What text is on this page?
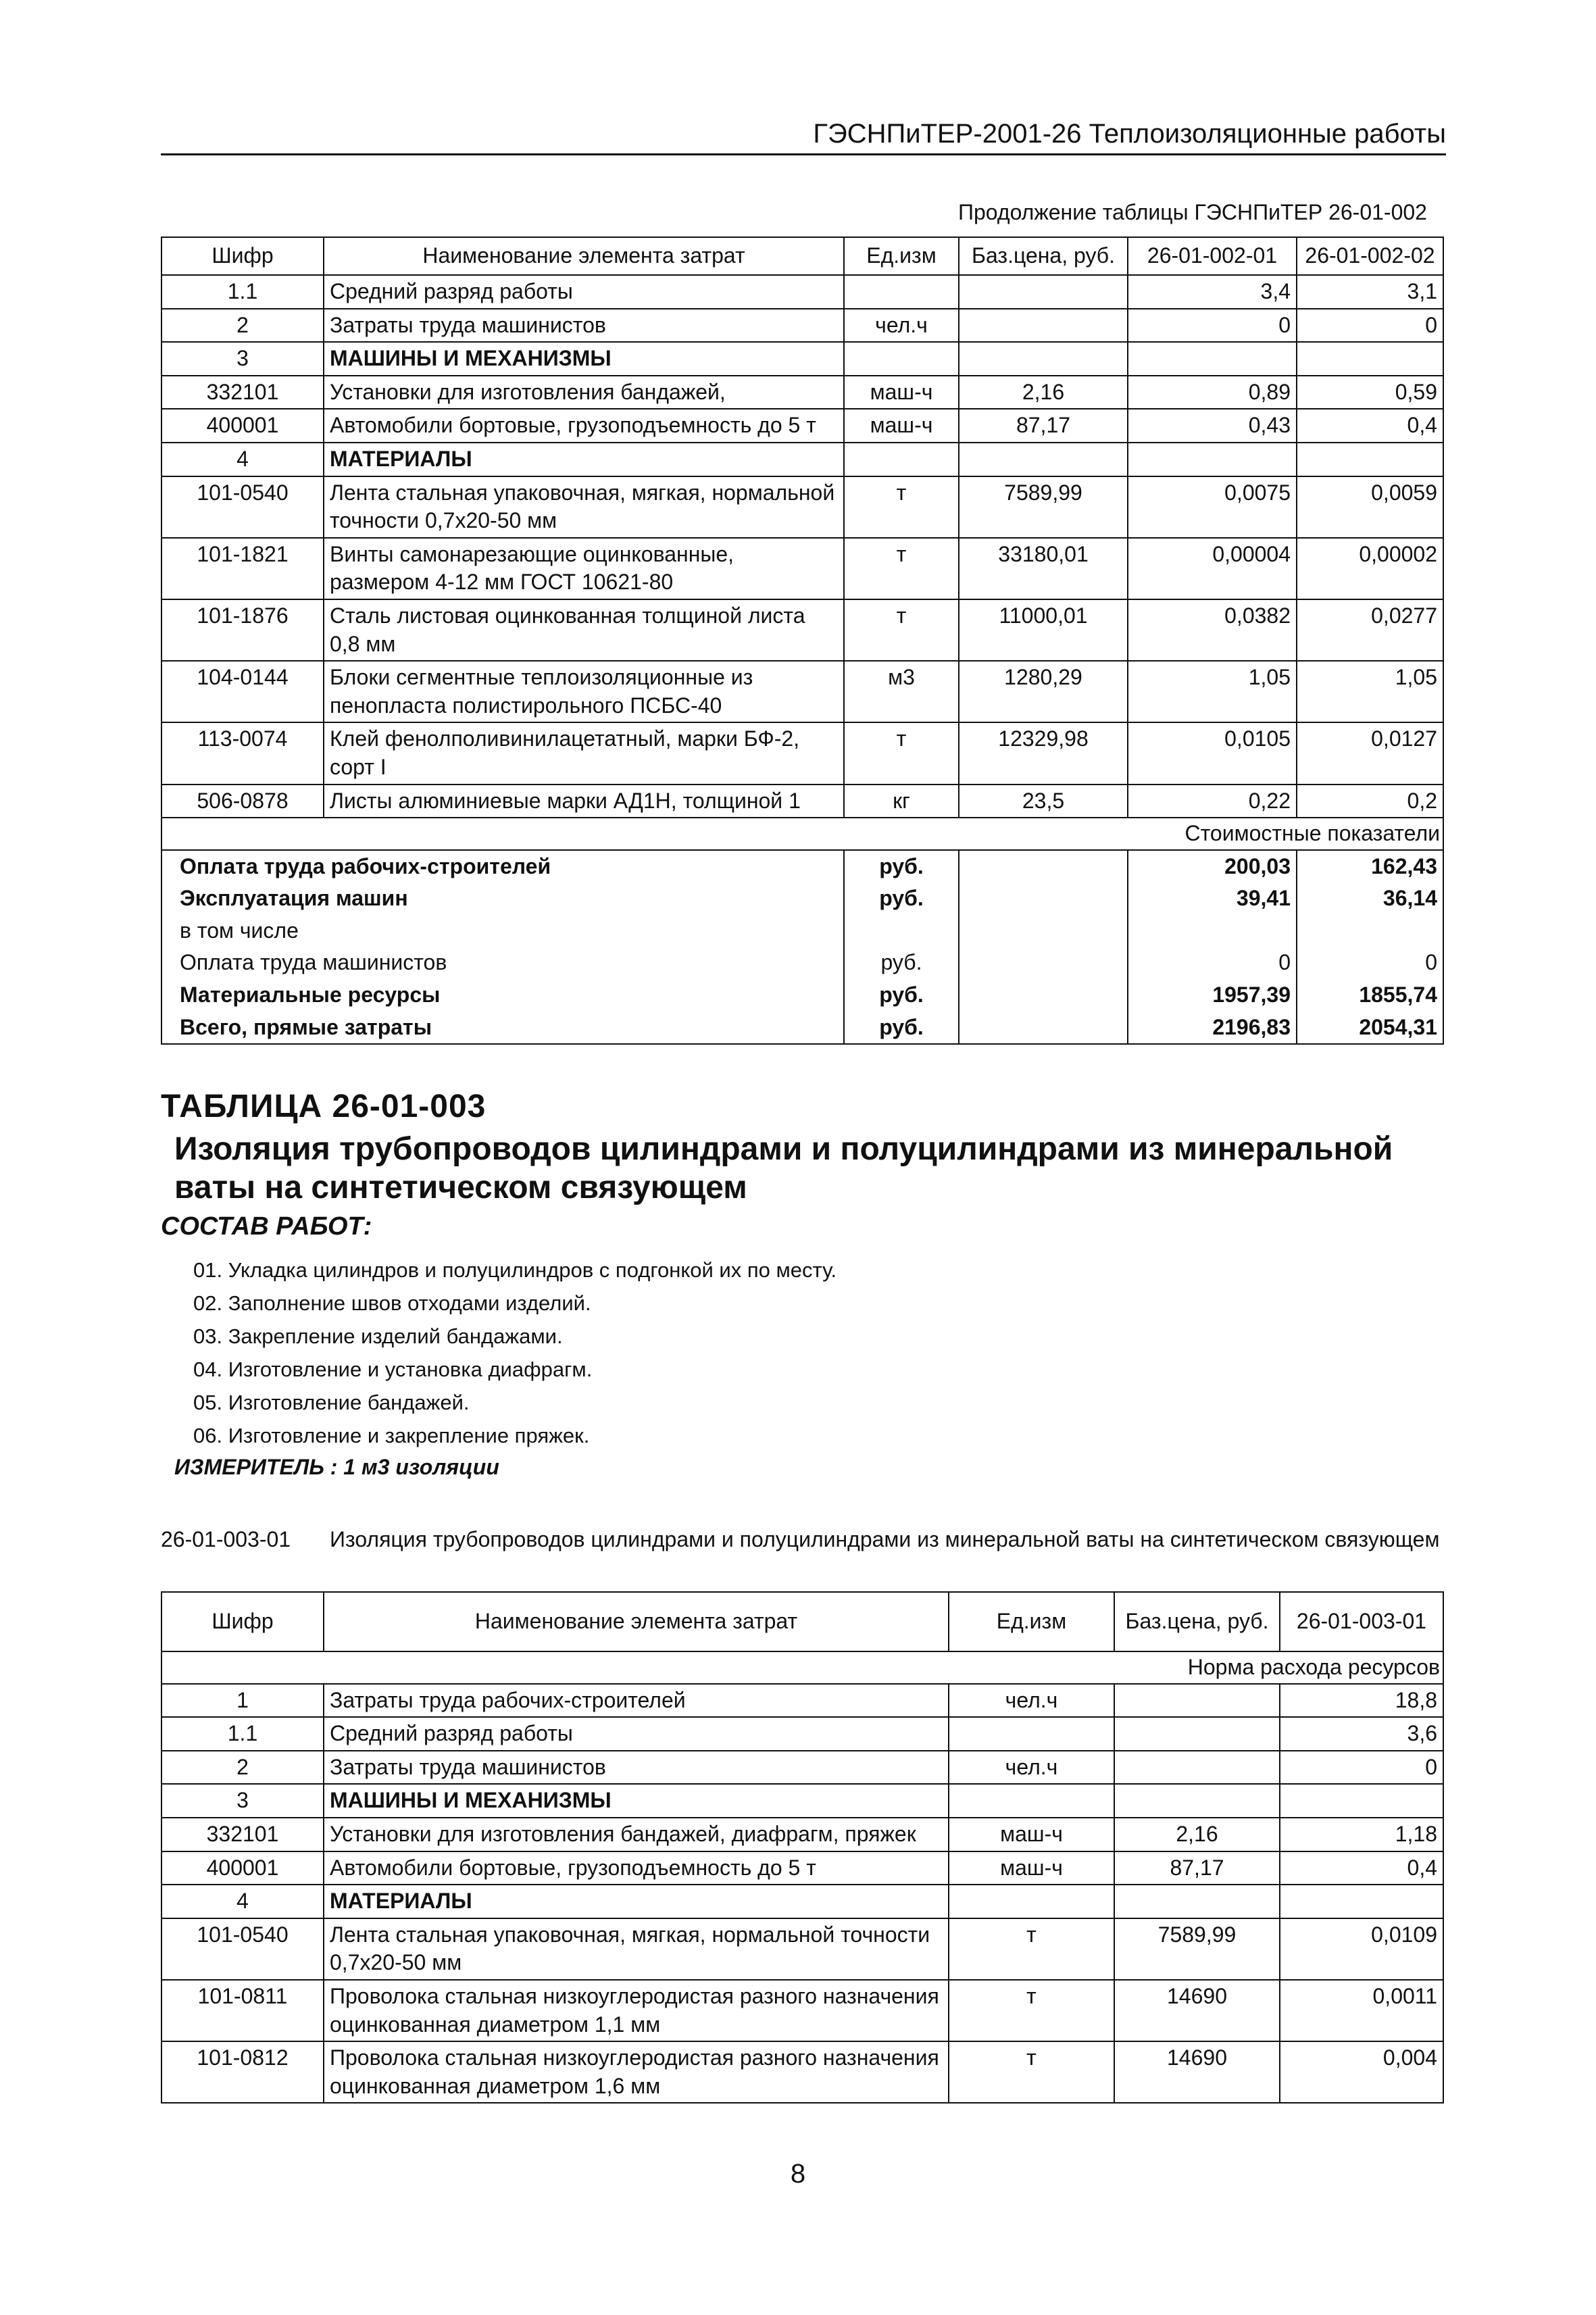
ГЭСНПиТЕР-2001-26 Теплоизоляционные работы
Продолжение таблицы ГЭСНПиТЕР 26-01-002
Шифр	Наименование элемента затрат	Ед.изм	Баз.цена, руб.	26-01-002-01	26-01-002-02
1.1	Средний разряд работы			3,4	3,1
2	Затраты труда машинистов	чел.ч		0	0
3	МАШИНЫ И МЕХАНИЗМЫ				
332101	Установки для изготовления бандажей,	маш-ч	2,16	0,89	0,59
400001	Автомобили бортовые, грузоподъемность до 5 т	маш-ч	87,17	0,43	0,4
4	МАТЕРИАЛЫ				
101-0540	Лента стальная упаковочная, мягкая, нормальной точности 0,7х20-50 мм	т	7589,99	0,0075	0,0059
101-1821	Винты самонарезающие оцинкованные, размером 4-12 мм ГОСТ 10621-80	т	33180,01	0,00004	0,00002
101-1876	Сталь листовая оцинкованная толщиной листа 0,8 мм	т	11000,01	0,0382	0,0277
104-0144	Блоки сегментные теплоизоляционные из пенопласта полистирольного ПСБС-40	м3	1280,29	1,05	1,05
113-0074	Клей фенолполивинилацетатный, марки БФ-2, сорт I	т	12329,98	0,0105	0,0127
506-0878	Листы алюминиевые марки АД1Н, толщиной 1	кг	23,5	0,22	0,2
Стоимостные показатели					
Оплата труда рабочих-строителей		руб.		200,03	162,43
Эксплуатация машин		руб.		39,41	36,14
в том числе					
Оплата труда машинистов		руб.		0	0
Материальные ресурсы		руб.		1957,39	1855,74
Всего, прямые затраты		руб.		2196,83	2054,31

ТАБЛИЦА 26-01-003

Изоляция трубопроводов цилиндрами и полуцилиндрами из минеральной ваты на синтетическом связующем

СОСТАВ РАБОТ:

01. Укладка цилиндров и полуцилиндров с подгонкой их по месту.
02. Заполнение швов отходами изделий.
03. Закрепление изделий бандажами.
04. Изготовление и установка диафрагм.
05. Изготовление бандажей.
06. Изготовление и закрепление пряжек.
ИЗМЕРИТЕЛЬ : 1 м3 изоляции
26-01-003-01 Изоляция трубопроводов цилиндрами и полуцилиндрами из минеральной ваты на синтетическом связующем
Шифр	Наименование элемента затрат	Ед.изм	Баз.цена, руб.	26-01-003-01
Норма расхода ресурсов				
1	Затраты труда рабочих-строителей	чел.ч		18,8
1.1	Средний разряд работы			3,6
2	Затраты труда машинистов	чел.ч		0
3	МАШИНЫ И МЕХАНИЗМЫ			
332101	Установки для изготовления бандажей, диафрагм, пряжек	маш-ч	2,16	1,18
400001	Автомобили бортовые, грузоподъемность до 5 т	маш-ч	87,17	0,4
4	МАТЕРИАЛЫ			
101-0540	Лента стальная упаковочная, мягкая, нормальной точности 0,7х20-50 мм	т	7589,99	0,0109
101-0811	Проволока стальная низкоуглеродистая разного назначения оцинкованная диаметром 1,1 мм	т	14690	0,0011
101-0812	Проволока стальная низкоуглеродистая разного назначения оцинкованная диаметром 1,6 мм	т	14690	0,004
8
